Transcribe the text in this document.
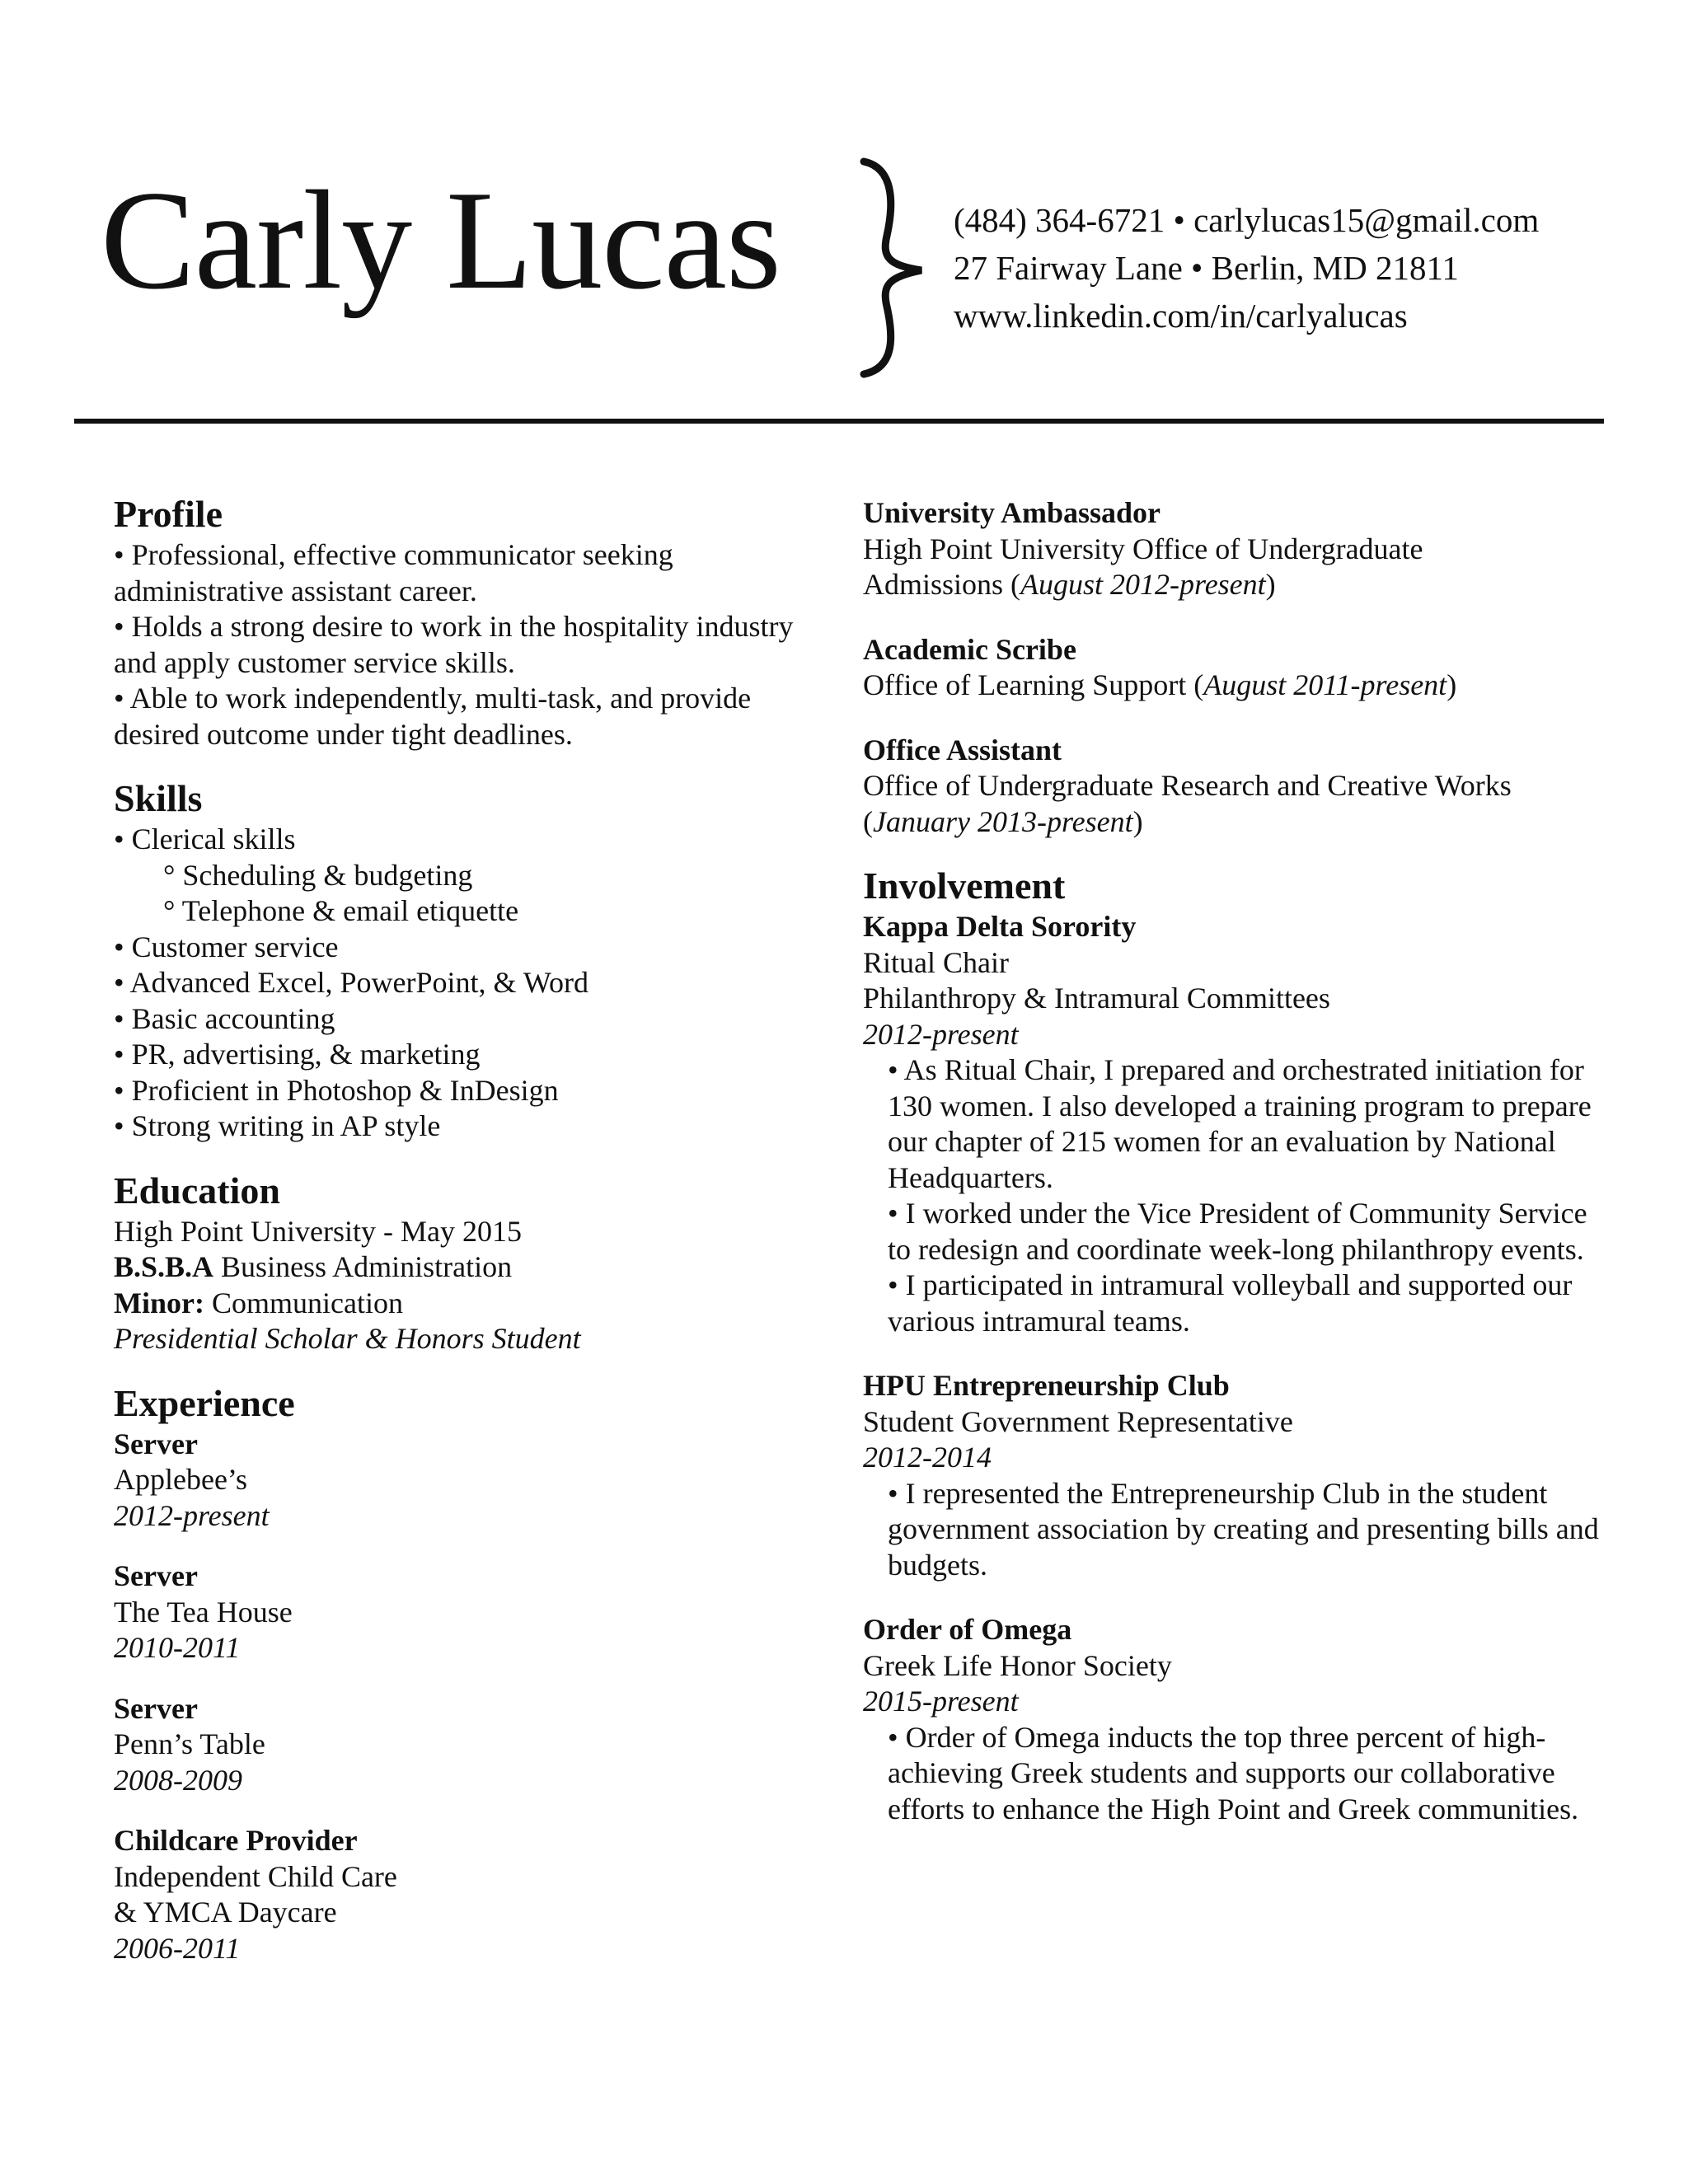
Carly Lucas	(484) 364-6721 • carlylucas15@gmail.com
27 Fairway Lane • Berlin, MD 21811
www.linkedin.com/in/carlyalucas
Profile
• Professional, effective communicator seeking administrative assistant career.
• Holds a strong desire to work in the hospitality industry and apply customer service skills.
• Able to work independently, multi-task, and provide desired outcome under tight deadlines.
Skills
• Clerical skills
° Scheduling & budgeting
° Telephone & email etiquette
• Customer service
• Advanced Excel, PowerPoint, & Word
• Basic accounting
• PR, advertising, & marketing
• Proficient in Photoshop & InDesign
• Strong writing in AP style
Education
High Point University - May 2015
B.S.B.A Business Administration
Minor: Communication
Presidential Scholar & Honors Student
Experience
Server
Applebee’s
2012-present
Server
The Tea House
2010-2011
Server
Penn’s Table
2008-2009
Childcare Provider
Independent Child Care
& YMCA Daycare
2006-2011
University Ambassador
High Point University Office of Undergraduate
Admissions (August 2012-present)
Academic Scribe
Office of Learning Support (August 2011-present)
Office Assistant
Office of Undergraduate Research and Creative Works
(January 2013-present)
Involvement
Kappa Delta Sorority
Ritual Chair
Philanthropy & Intramural Committees
2012-present
• As Ritual Chair, I prepared and orchestrated initiation for 130 women. I also developed a training program to prepare our chapter of 215 women for an evaluation by National Headquarters.
• I worked under the Vice President of Community Service to redesign and coordinate week-long philanthropy events.
• I participated in intramural volleyball and supported our various intramural teams.
HPU Entrepreneurship Club
Student Government Representative
2012-2014
• I represented the Entrepreneurship Club in the student government association by creating and presenting bills and budgets.
Order of Omega
Greek Life Honor Society
2015-present
• Order of Omega inducts the top three percent of high-achieving Greek students and supports our collaborative efforts to enhance the High Point and Greek communities.
